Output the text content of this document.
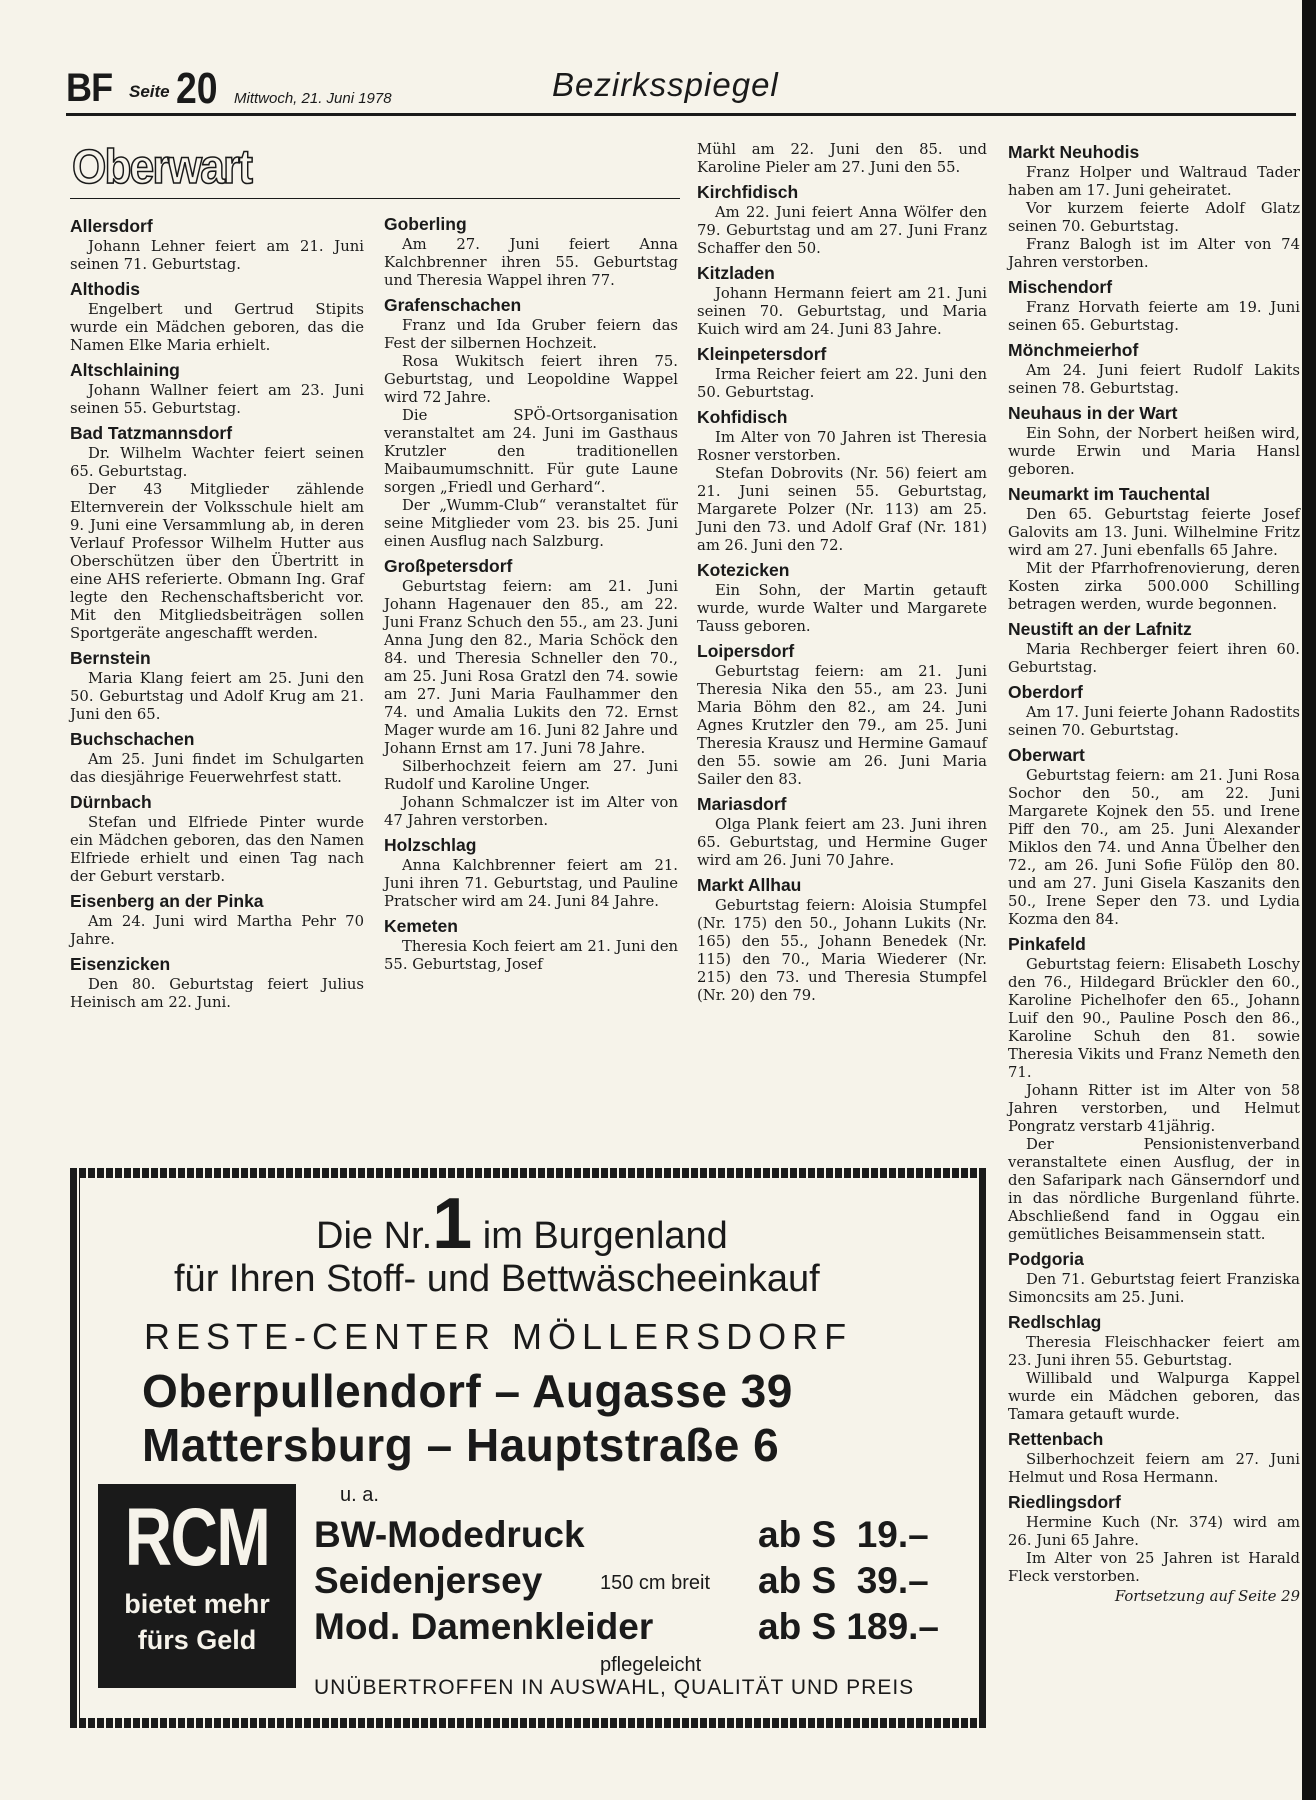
BF Seite 20 Mittwoch, 21. Juni 1978	Bezirksspiegel
Oberwart
Allersdorf

Johann Lehner feiert am 21. Juni seinen 71. Geburtstag.

Althodis

Engelbert und Gertrud Stipits wurde ein Mädchen geboren, das die Namen Elke Maria erhielt.

Altschlaining

Johann Wallner feiert am 23. Juni seinen 55. Geburtstag.

Bad Tatzmannsdorf

Dr. Wilhelm Wachter feiert seinen 65. Geburtstag.

Der 43 Mitglieder zählende Elternverein der Volksschule hielt am 9. Juni eine Versammlung ab, in deren Verlauf Professor Wilhelm Hutter aus Oberschützen über den Übertritt in eine AHS referierte. Obmann Ing. Graf legte den Rechenschaftsbericht vor. Mit den Mitgliedsbeiträgen sollen Sportgeräte angeschafft werden.

Bernstein

Maria Klang feiert am 25. Juni den 50. Geburtstag und Adolf Krug am 21. Juni den 65.

Buchschachen

Am 25. Juni findet im Schulgarten das diesjährige Feuerwehrfest statt.

Dürnbach

Stefan und Elfriede Pinter wurde ein Mädchen geboren, das den Namen Elfriede erhielt und einen Tag nach der Geburt verstarb.

Eisenberg an der Pinka

Am 24. Juni wird Martha Pehr 70 Jahre.

Eisenzicken

Den 80. Geburtstag feiert Julius Heinisch am 22. Juni.

Goberling

Am 27. Juni feiert Anna Kalchbrenner ihren 55. Geburtstag und Theresia Wappel ihren 77.

Grafenschachen

Franz und Ida Gruber feiern das Fest der silbernen Hochzeit.

Rosa Wukitsch feiert ihren 75. Geburtstag, und Leopoldine Wappel wird 72 Jahre.

Die SPÖ-Ortsorganisation veranstaltet am 24. Juni im Gasthaus Krutzler den traditionellen Maibaumumschnitt. Für gute Laune sorgen „Friedl und Gerhard“.

Der „Wumm-Club“ veranstaltet für seine Mitglieder vom 23. bis 25. Juni einen Ausflug nach Salzburg.

Großpetersdorf

Geburtstag feiern: am 21. Juni Johann Hagenauer den 85., am 22. Juni Franz Schuch den 55., am 23. Juni Anna Jung den 82., Maria Schöck den 84. und Theresia Schneller den 70., am 25. Juni Rosa Gratzl den 74. sowie am 27. Juni Maria Faulhammer den 74. und Amalia Lukits den 72. Ernst Mager wurde am 16. Juni 82 Jahre und Johann Ernst am 17. Juni 78 Jahre.

Silberhochzeit feiern am 27. Juni Rudolf und Karoline Unger.

Johann Schmalczer ist im Alter von 47 Jahren verstorben.

Holzschlag

Anna Kalchbrenner feiert am 21. Juni ihren 71. Geburtstag, und Pauline Pratscher wird am 24. Juni 84 Jahre.

Kemeten

Theresia Koch feiert am 21. Juni den 55. Geburtstag, Josef

Mühl am 22. Juni den 85. und Karoline Pieler am 27. Juni den 55.

Kirchfidisch

Am 22. Juni feiert Anna Wölfer den 79. Geburtstag und am 27. Juni Franz Schaffer den 50.

Kitzladen

Johann Hermann feiert am 21. Juni seinen 70. Geburtstag, und Maria Kuich wird am 24. Juni 83 Jahre.

Kleinpetersdorf

Irma Reicher feiert am 22. Juni den 50. Geburtstag.

Kohfidisch

Im Alter von 70 Jahren ist Theresia Rosner verstorben.

Stefan Dobrovits (Nr. 56) feiert am 21. Juni seinen 55. Geburtstag, Margarete Polzer (Nr. 113) am 25. Juni den 73. und Adolf Graf (Nr. 181) am 26. Juni den 72.

Kotezicken

Ein Sohn, der Martin getauft wurde, wurde Walter und Margarete Tauss geboren.

Loipersdorf

Geburtstag feiern: am 21. Juni Theresia Nika den 55., am 23. Juni Maria Böhm den 82., am 24. Juni Agnes Krutzler den 79., am 25. Juni Theresia Krausz und Hermine Gamauf den 55. sowie am 26. Juni Maria Sailer den 83.

Mariasdorf

Olga Plank feiert am 23. Juni ihren 65. Geburtstag, und Hermine Guger wird am 26. Juni 70 Jahre.

Markt Allhau

Geburtstag feiern: Aloisia Stumpfel (Nr. 175) den 50., Johann Lukits (Nr. 165) den 55., Johann Benedek (Nr. 115) den 70., Maria Wiederer (Nr. 215) den 73. und Theresia Stumpfel (Nr. 20) den 79.

Markt Neuhodis

Franz Holper und Waltraud Tader haben am 17. Juni geheiratet.

Vor kurzem feierte Adolf Glatz seinen 70. Geburtstag.

Franz Balogh ist im Alter von 74 Jahren verstorben.

Mischendorf

Franz Horvath feierte am 19. Juni seinen 65. Geburtstag.

Mönchmeierhof

Am 24. Juni feiert Rudolf Lakits seinen 78. Geburtstag.

Neuhaus in der Wart

Ein Sohn, der Norbert heißen wird, wurde Erwin und Maria Hansl geboren.

Neumarkt im Tauchental

Den 65. Geburtstag feierte Josef Galovits am 13. Juni. Wilhelmine Fritz wird am 27. Juni ebenfalls 65 Jahre.

Mit der Pfarrhofrenovierung, deren Kosten zirka 500.000 Schilling betragen werden, wurde begonnen.

Neustift an der Lafnitz

Maria Rechberger feiert ihren 60. Geburtstag.

Oberdorf

Am 17. Juni feierte Johann Radostits seinen 70. Geburtstag.

Oberwart

Geburtstag feiern: am 21. Juni Rosa Sochor den 50., am 22. Juni Margarete Kojnek den 55. und Irene Piff den 70., am 25. Juni Alexander Miklos den 74. und Anna Übelher den 72., am 26. Juni Sofie Fülöp den 80. und am 27. Juni Gisela Kaszanits den 50., Irene Seper den 73. und Lydia Kozma den 84.

Pinkafeld

Geburtstag feiern: Elisabeth Loschy den 76., Hildegard Brückler den 60., Karoline Pichelhofer den 65., Johann Luif den 90., Pauline Posch den 86., Karoline Schuh den 81. sowie Theresia Vikits und Franz Nemeth den 71.

Johann Ritter ist im Alter von 58 Jahren verstorben, und Helmut Pongratz verstarb 41jährig.

Der Pensionistenverband veranstaltete einen Ausflug, der in den Safaripark nach Gänserndorf und in das nördliche Burgenland führte. Abschließend fand in Oggau ein gemütliches Beisammensein statt.

Podgoria

Den 71. Geburtstag feiert Franziska Simoncsits am 25. Juni.

Redlschlag

Theresia Fleischhacker feiert am 23. Juni ihren 55. Geburtstag.

Willibald und Walpurga Kappel wurde ein Mädchen geboren, das Tamara getauft wurde.

Rettenbach

Silberhochzeit feiern am 27. Juni Helmut und Rosa Hermann.

Riedlingsdorf

Hermine Kuch (Nr. 374) wird am 26. Juni 65 Jahre.

Im Alter von 25 Jahren ist Harald Fleck verstorben.

Fortsetzung auf Seite 29

Die Nr.1 im Burgenland
für Ihren Stoff- und Bettwäscheeinkauf
RESTE-CENTER MÖLLERSDORF
Oberpullendorf – Augasse 39
Mattersburg – Hauptstraße 6
u. a.
RCM
bietet mehr
fürs Geld
BW-Modedruck	ab S  19.–
Seidenjersey	150 cm breit ab S  39.–
Mod. Damenkleider	ab S 189.–
pflegeleicht
UNÜBERTROFFEN IN AUSWAHL, QUALITÄT UND PREIS
